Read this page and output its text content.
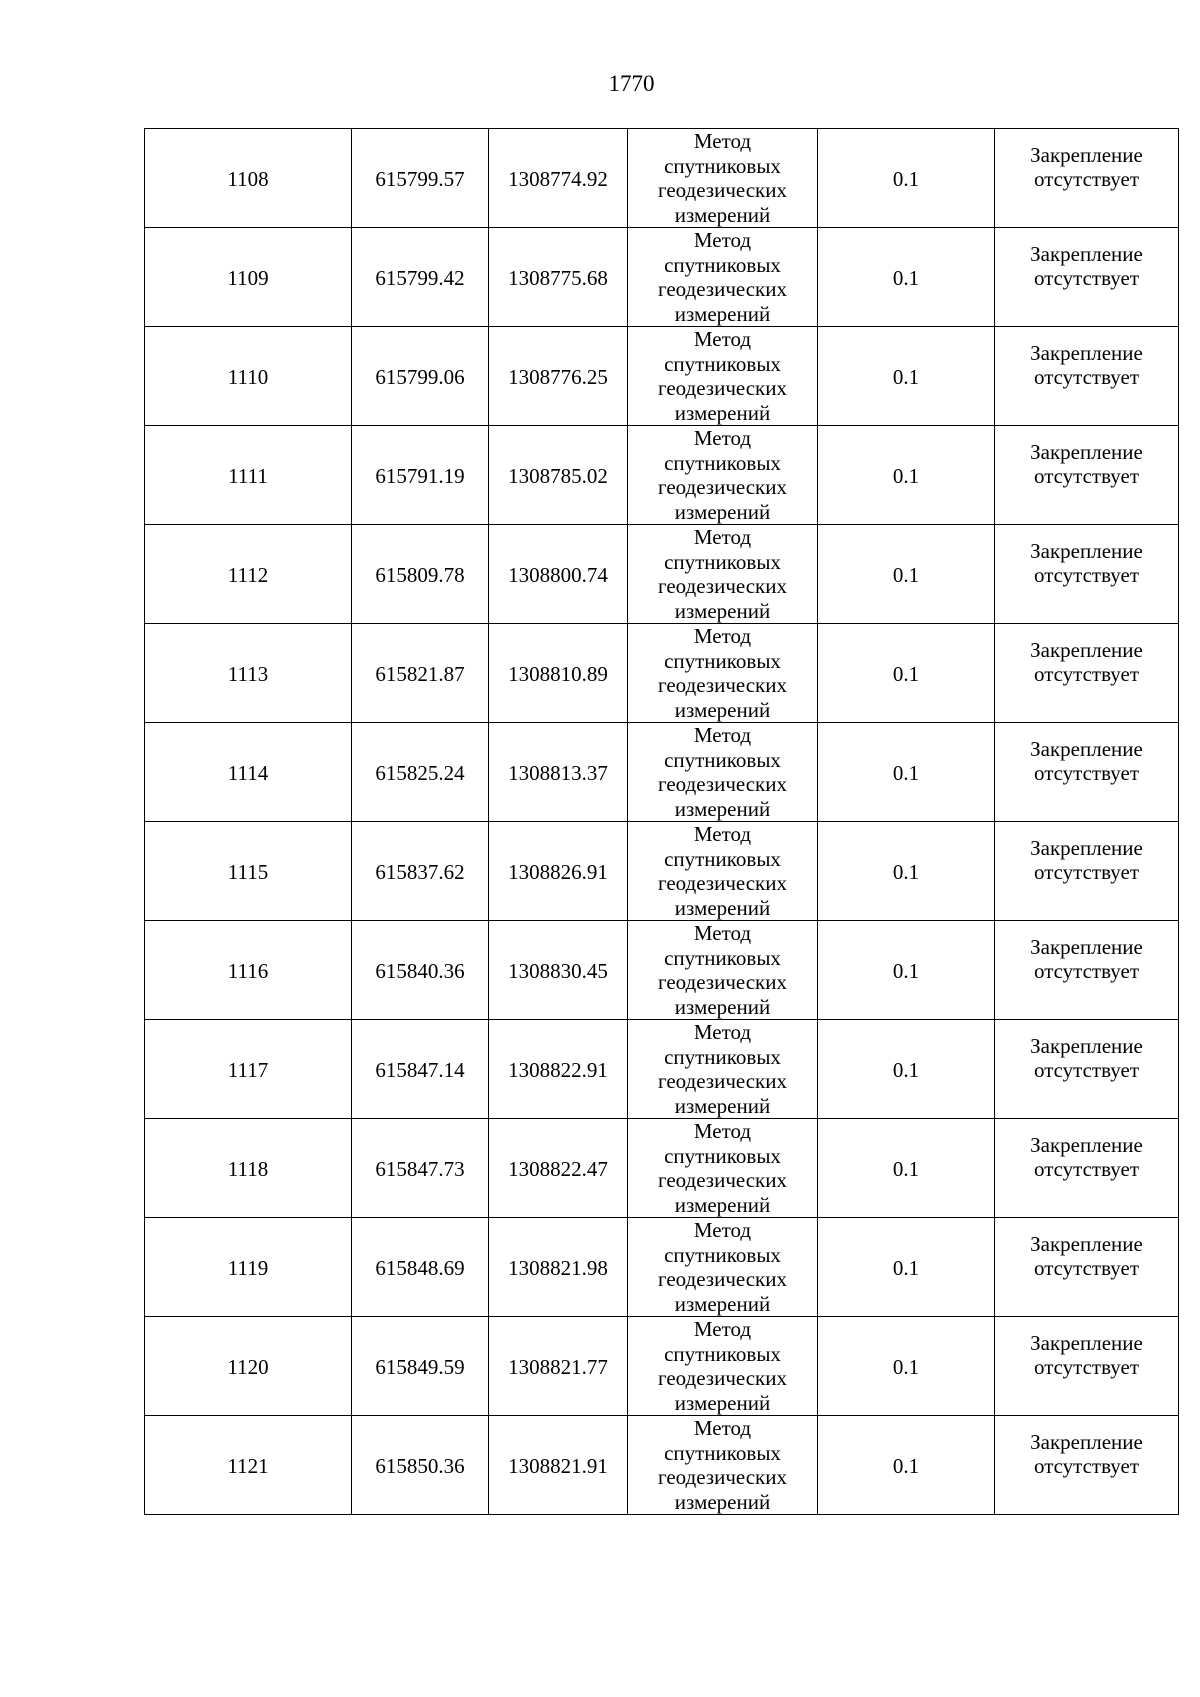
1770
1108	615799.57	1308774.92	Метод
спутниковых
геодезических
измерений	0.1	Закрепление
отсутствует

1109	615799.42	1308775.68	Метод
спутниковых
геодезических
измерений	0.1	Закрепление
отсутствует

1110	615799.06	1308776.25	Метод
спутниковых
геодезических
измерений	0.1	Закрепление
отсутствует

1111	615791.19	1308785.02	Метод
спутниковых
геодезических
измерений	0.1	Закрепление
отсутствует

1112	615809.78	1308800.74	Метод
спутниковых
геодезических
измерений	0.1	Закрепление
отсутствует

1113	615821.87	1308810.89	Метод
спутниковых
геодезических
измерений	0.1	Закрепление
отсутствует

1114	615825.24	1308813.37	Метод
спутниковых
геодезических
измерений	0.1	Закрепление
отсутствует

1115	615837.62	1308826.91	Метод
спутниковых
геодезических
измерений	0.1	Закрепление
отсутствует

1116	615840.36	1308830.45	Метод
спутниковых
геодезических
измерений	0.1	Закрепление
отсутствует

1117	615847.14	1308822.91	Метод
спутниковых
геодезических
измерений	0.1	Закрепление
отсутствует

1118	615847.73	1308822.47	Метод
спутниковых
геодезических
измерений	0.1	Закрепление
отсутствует

1119	615848.69	1308821.98	Метод
спутниковых
геодезических
измерений	0.1	Закрепление
отсутствует

1120	615849.59	1308821.77	Метод
спутниковых
геодезических
измерений	0.1	Закрепление
отсутствует

1121	615850.36	1308821.91	Метод
спутниковых
геодезических
измерений	0.1	Закрепление
отсутствует
